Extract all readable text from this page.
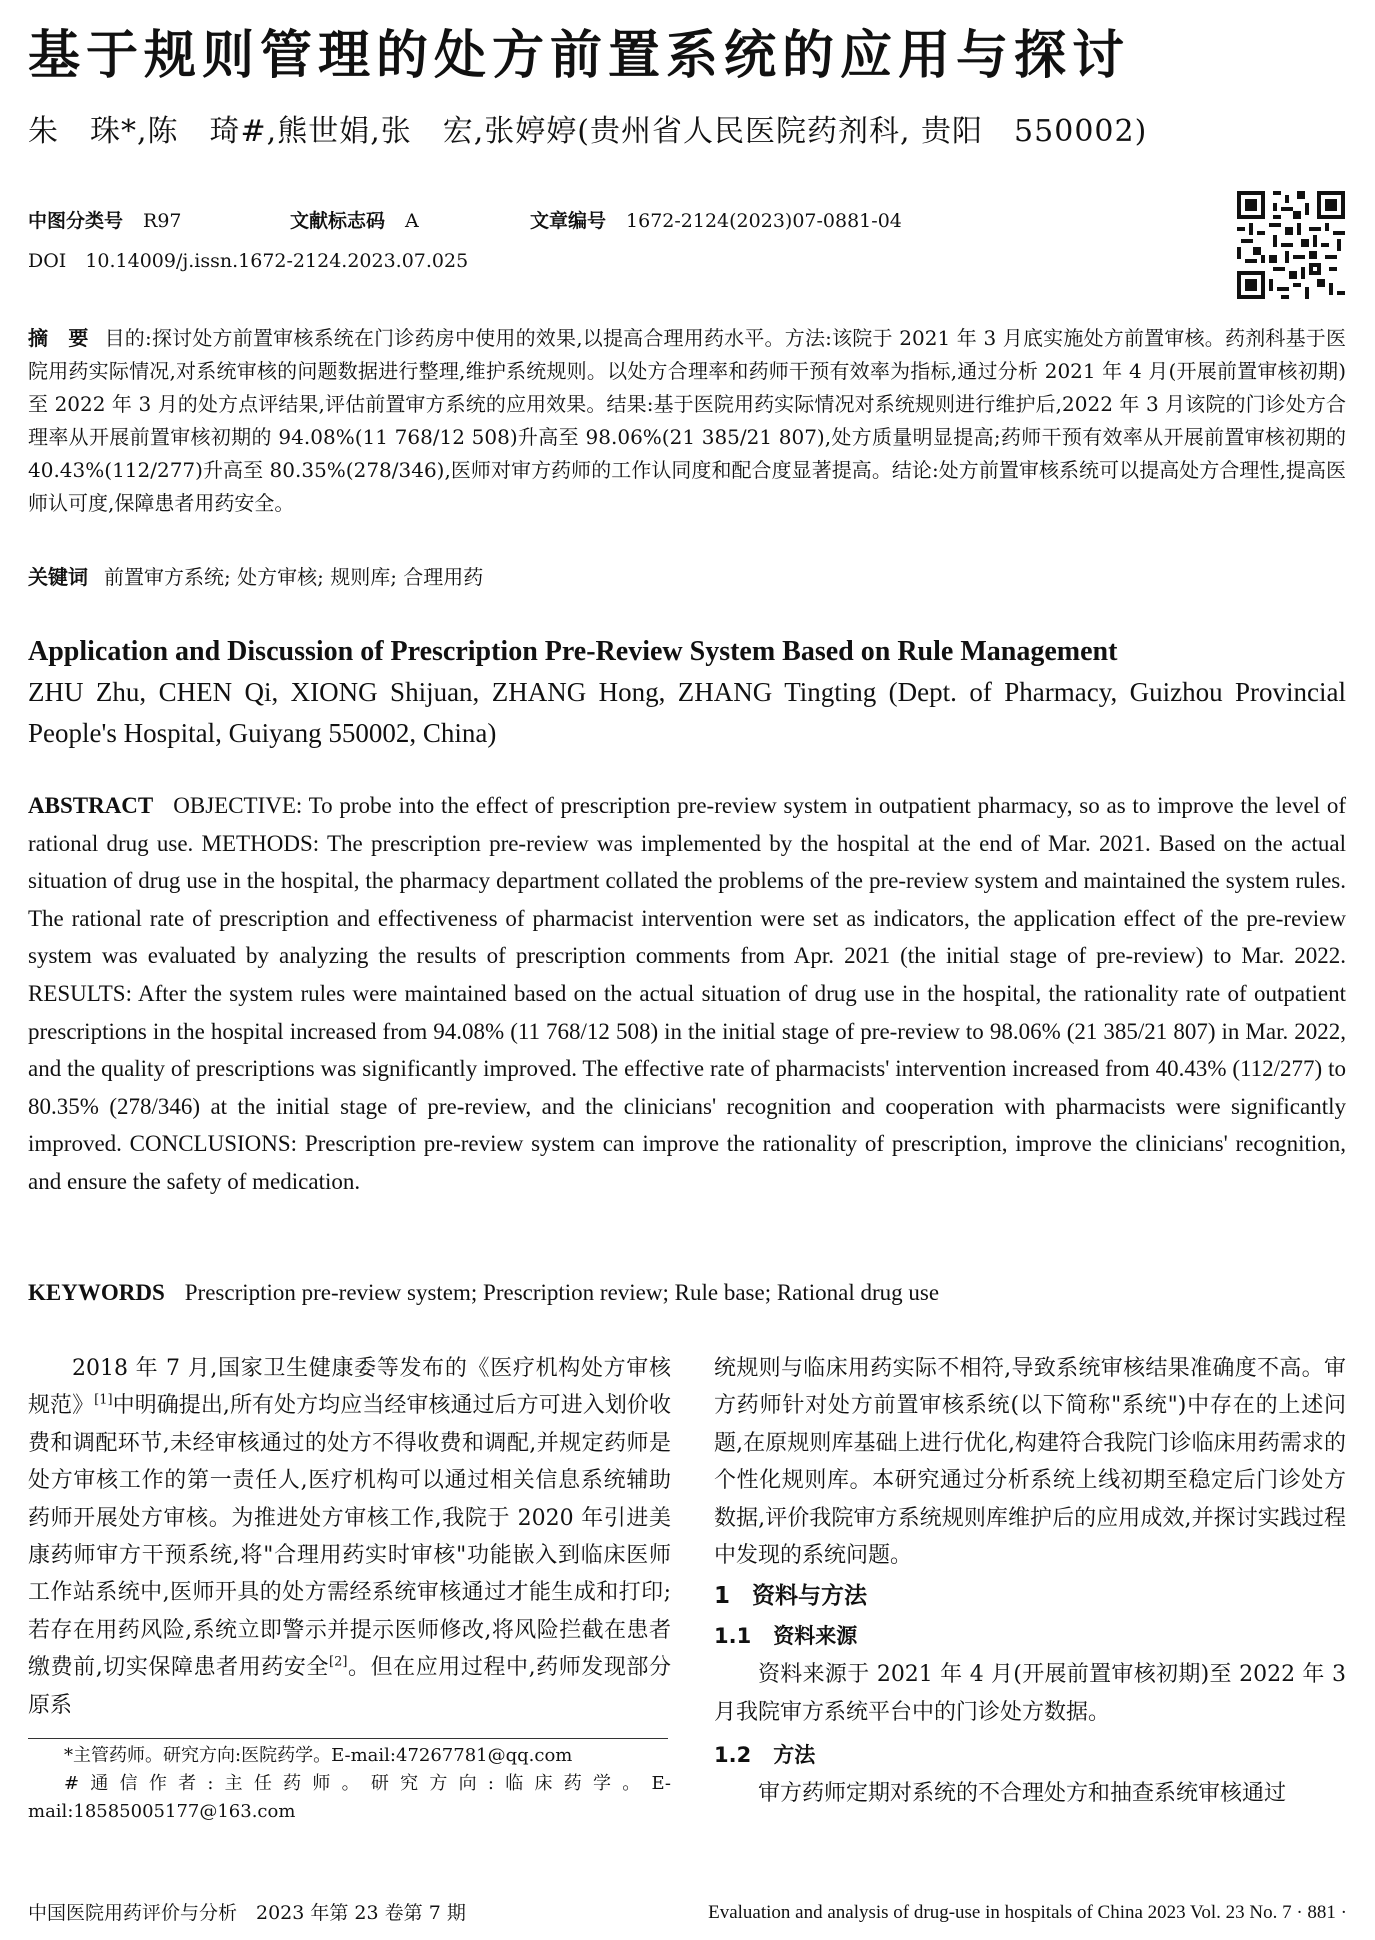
基于规则管理的处方前置系统的应用与探讨
朱　珠*,陈　琦#,熊世娟,张　宏,张婷婷(贵州省人民医院药剂科, 贵阳　550002)
中图分类号 R97	文献标志码 A	文章编号 1672-2124(2023)07-0881-04
DOI　10.14009/j.issn.1672-2124.2023.07.025
摘　要 目的:探讨处方前置审核系统在门诊药房中使用的效果,以提高合理用药水平。方法:该院于 2021 年 3 月底实施处方前置审核。药剂科基于医院用药实际情况,对系统审核的问题数据进行整理,维护系统规则。以处方合理率和药师干预有效率为指标,通过分析 2021 年 4 月(开展前置审核初期)至 2022 年 3 月的处方点评结果,评估前置审方系统的应用效果。结果:基于医院用药实际情况对系统规则进行维护后,2022 年 3 月该院的门诊处方合理率从开展前置审核初期的 94.08%(11 768/12 508)升高至 98.06%(21 385/21 807),处方质量明显提高;药师干预有效率从开展前置审核初期的 40.43%(112/277)升高至 80.35%(278/346),医师对审方药师的工作认同度和配合度显著提高。结论:处方前置审核系统可以提高处方合理性,提高医师认可度,保障患者用药安全。
关键词 前置审方系统; 处方审核; 规则库; 合理用药
Application and Discussion of Prescription Pre-Review System Based on Rule Management
ZHU Zhu, CHEN Qi, XIONG Shijuan, ZHANG Hong, ZHANG Tingting (Dept. of Pharmacy, Guizhou Provincial People's Hospital, Guiyang 550002, China)
ABSTRACT OBJECTIVE: To probe into the effect of prescription pre-review system in outpatient pharmacy, so as to improve the level of rational drug use. METHODS: The prescription pre-review was implemented by the hospital at the end of Mar. 2021. Based on the actual situation of drug use in the hospital, the pharmacy department collated the problems of the pre-review system and maintained the system rules. The rational rate of prescription and effectiveness of pharmacist intervention were set as indicators, the application effect of the pre-review system was evaluated by analyzing the results of prescription comments from Apr. 2021 (the initial stage of pre-review) to Mar. 2022. RESULTS: After the system rules were maintained based on the actual situation of drug use in the hospital, the rationality rate of outpatient prescriptions in the hospital increased from 94.08% (11 768/12 508) in the initial stage of pre-review to 98.06% (21 385/21 807) in Mar. 2022, and the quality of prescriptions was significantly improved. The effective rate of pharmacists' intervention increased from 40.43% (112/277) to 80.35% (278/346) at the initial stage of pre-review, and the clinicians' recognition and cooperation with pharmacists were significantly improved. CONCLUSIONS: Prescription pre-review system can improve the rationality of prescription, improve the clinicians' recognition, and ensure the safety of medication.
KEYWORDS Prescription pre-review system; Prescription review; Rule base; Rational drug use

2018 年 7 月,国家卫生健康委等发布的《医疗机构处方审核规范》[1]中明确提出,所有处方均应当经审核通过后方可进入划价收费和调配环节,未经审核通过的处方不得收费和调配,并规定药师是处方审核工作的第一责任人,医疗机构可以通过相关信息系统辅助药师开展处方审核。为推进处方审核工作,我院于 2020 年引进美康药师审方干预系统,将"合理用药实时审核"功能嵌入到临床医师工作站系统中,医师开具的处方需经系统审核通过才能生成和打印;若存在用药风险,系统立即警示并提示医师修改,将风险拦截在患者缴费前,切实保障患者用药安全[2]。但在应用过程中,药师发现部分原系

统规则与临床用药实际不相符,导致系统审核结果准确度不高。审方药师针对处方前置审核系统(以下简称"系统")中存在的上述问题,在原规则库基础上进行优化,构建符合我院门诊临床用药需求的个性化规则库。本研究通过分析系统上线初期至稳定后门诊处方数据,评价我院审方系统规则库维护后的应用成效,并探讨实践过程中发现的系统问题。

1 资料与方法
1.1 资料来源

资料来源于 2021 年 4 月(开展前置审核初期)至 2022 年 3 月我院审方系统平台中的门诊处方数据。

1.2 方法

审方药师定期对系统的不合理处方和抽查系统审核通过

*主管药师。研究方向:医院药学。E-mail:47267781@qq.com
#通信作者:主任药师。研究方向:临床药学。E-mail:18585005177@163.com
中国医院用药评价与分析　2023 年第 23 卷第 7 期	Evaluation and analysis of drug-use in hospitals of China 2023 Vol. 23 No. 7 · 881 ·
